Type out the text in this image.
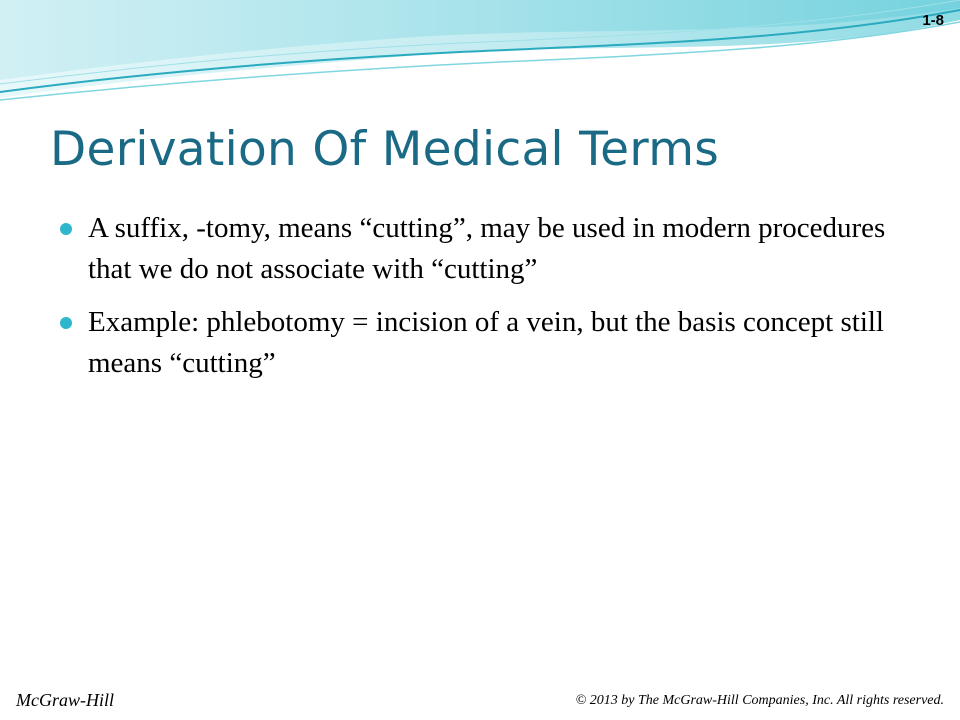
1-8
Derivation Of Medical Terms
A suffix, -tomy, means “cutting”, may be used in modern procedures that we do not associate with “cutting”
Example: phlebotomy = incision of a vein, but the basis concept still means “cutting”
McGraw-Hill	© 2013 by The McGraw-Hill Companies, Inc. All rights reserved.
